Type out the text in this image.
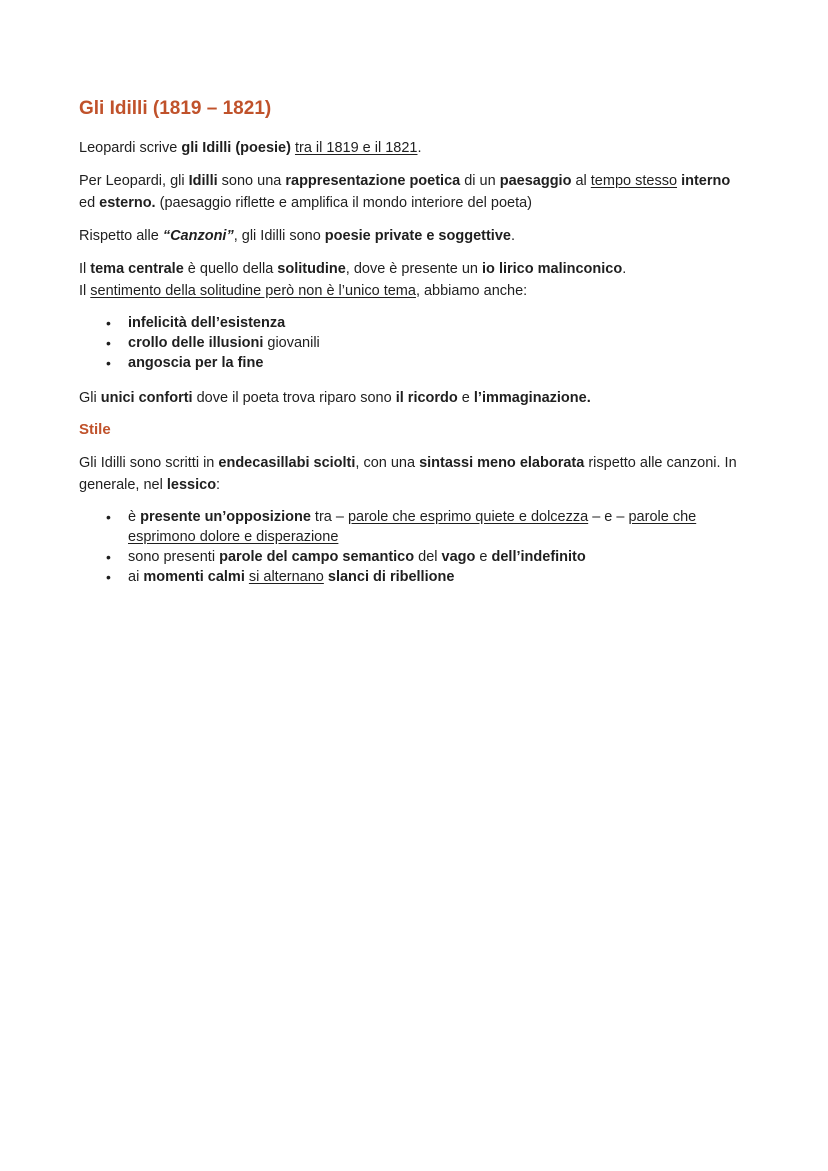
Gli Idilli (1819 – 1821)

Leopardi scrive gli Idilli (poesie) tra il 1819 e il 1821.

Per Leopardi, gli Idilli sono una rappresentazione poetica di un paesaggio al tempo stesso interno ed esterno. (paesaggio riflette e amplifica il mondo interiore del poeta)

Rispetto alle “Canzoni”, gli Idilli sono poesie private e soggettive.

Il tema centrale è quello della solitudine, dove è presente un io lirico malinconico.
Il sentimento della solitudine però non è l’unico tema, abbiamo anche:

• infelicità dell’esistenza
• crollo delle illusioni giovanili
• angoscia per la fine

Gli unici conforti dove il poeta trova riparo sono il ricordo e l’immaginazione.

Stile

Gli Idilli sono scritti in endecasillabi sciolti, con una sintassi meno elaborata rispetto alle canzoni. In generale, nel lessico:

• è presente un’opposizione tra – parole che esprimo quiete e dolcezza – e – parole che esprimono dolore e disperazione
• sono presenti parole del campo semantico del vago e dell’indefinito
• ai momenti calmi si alternano slanci di ribellione
